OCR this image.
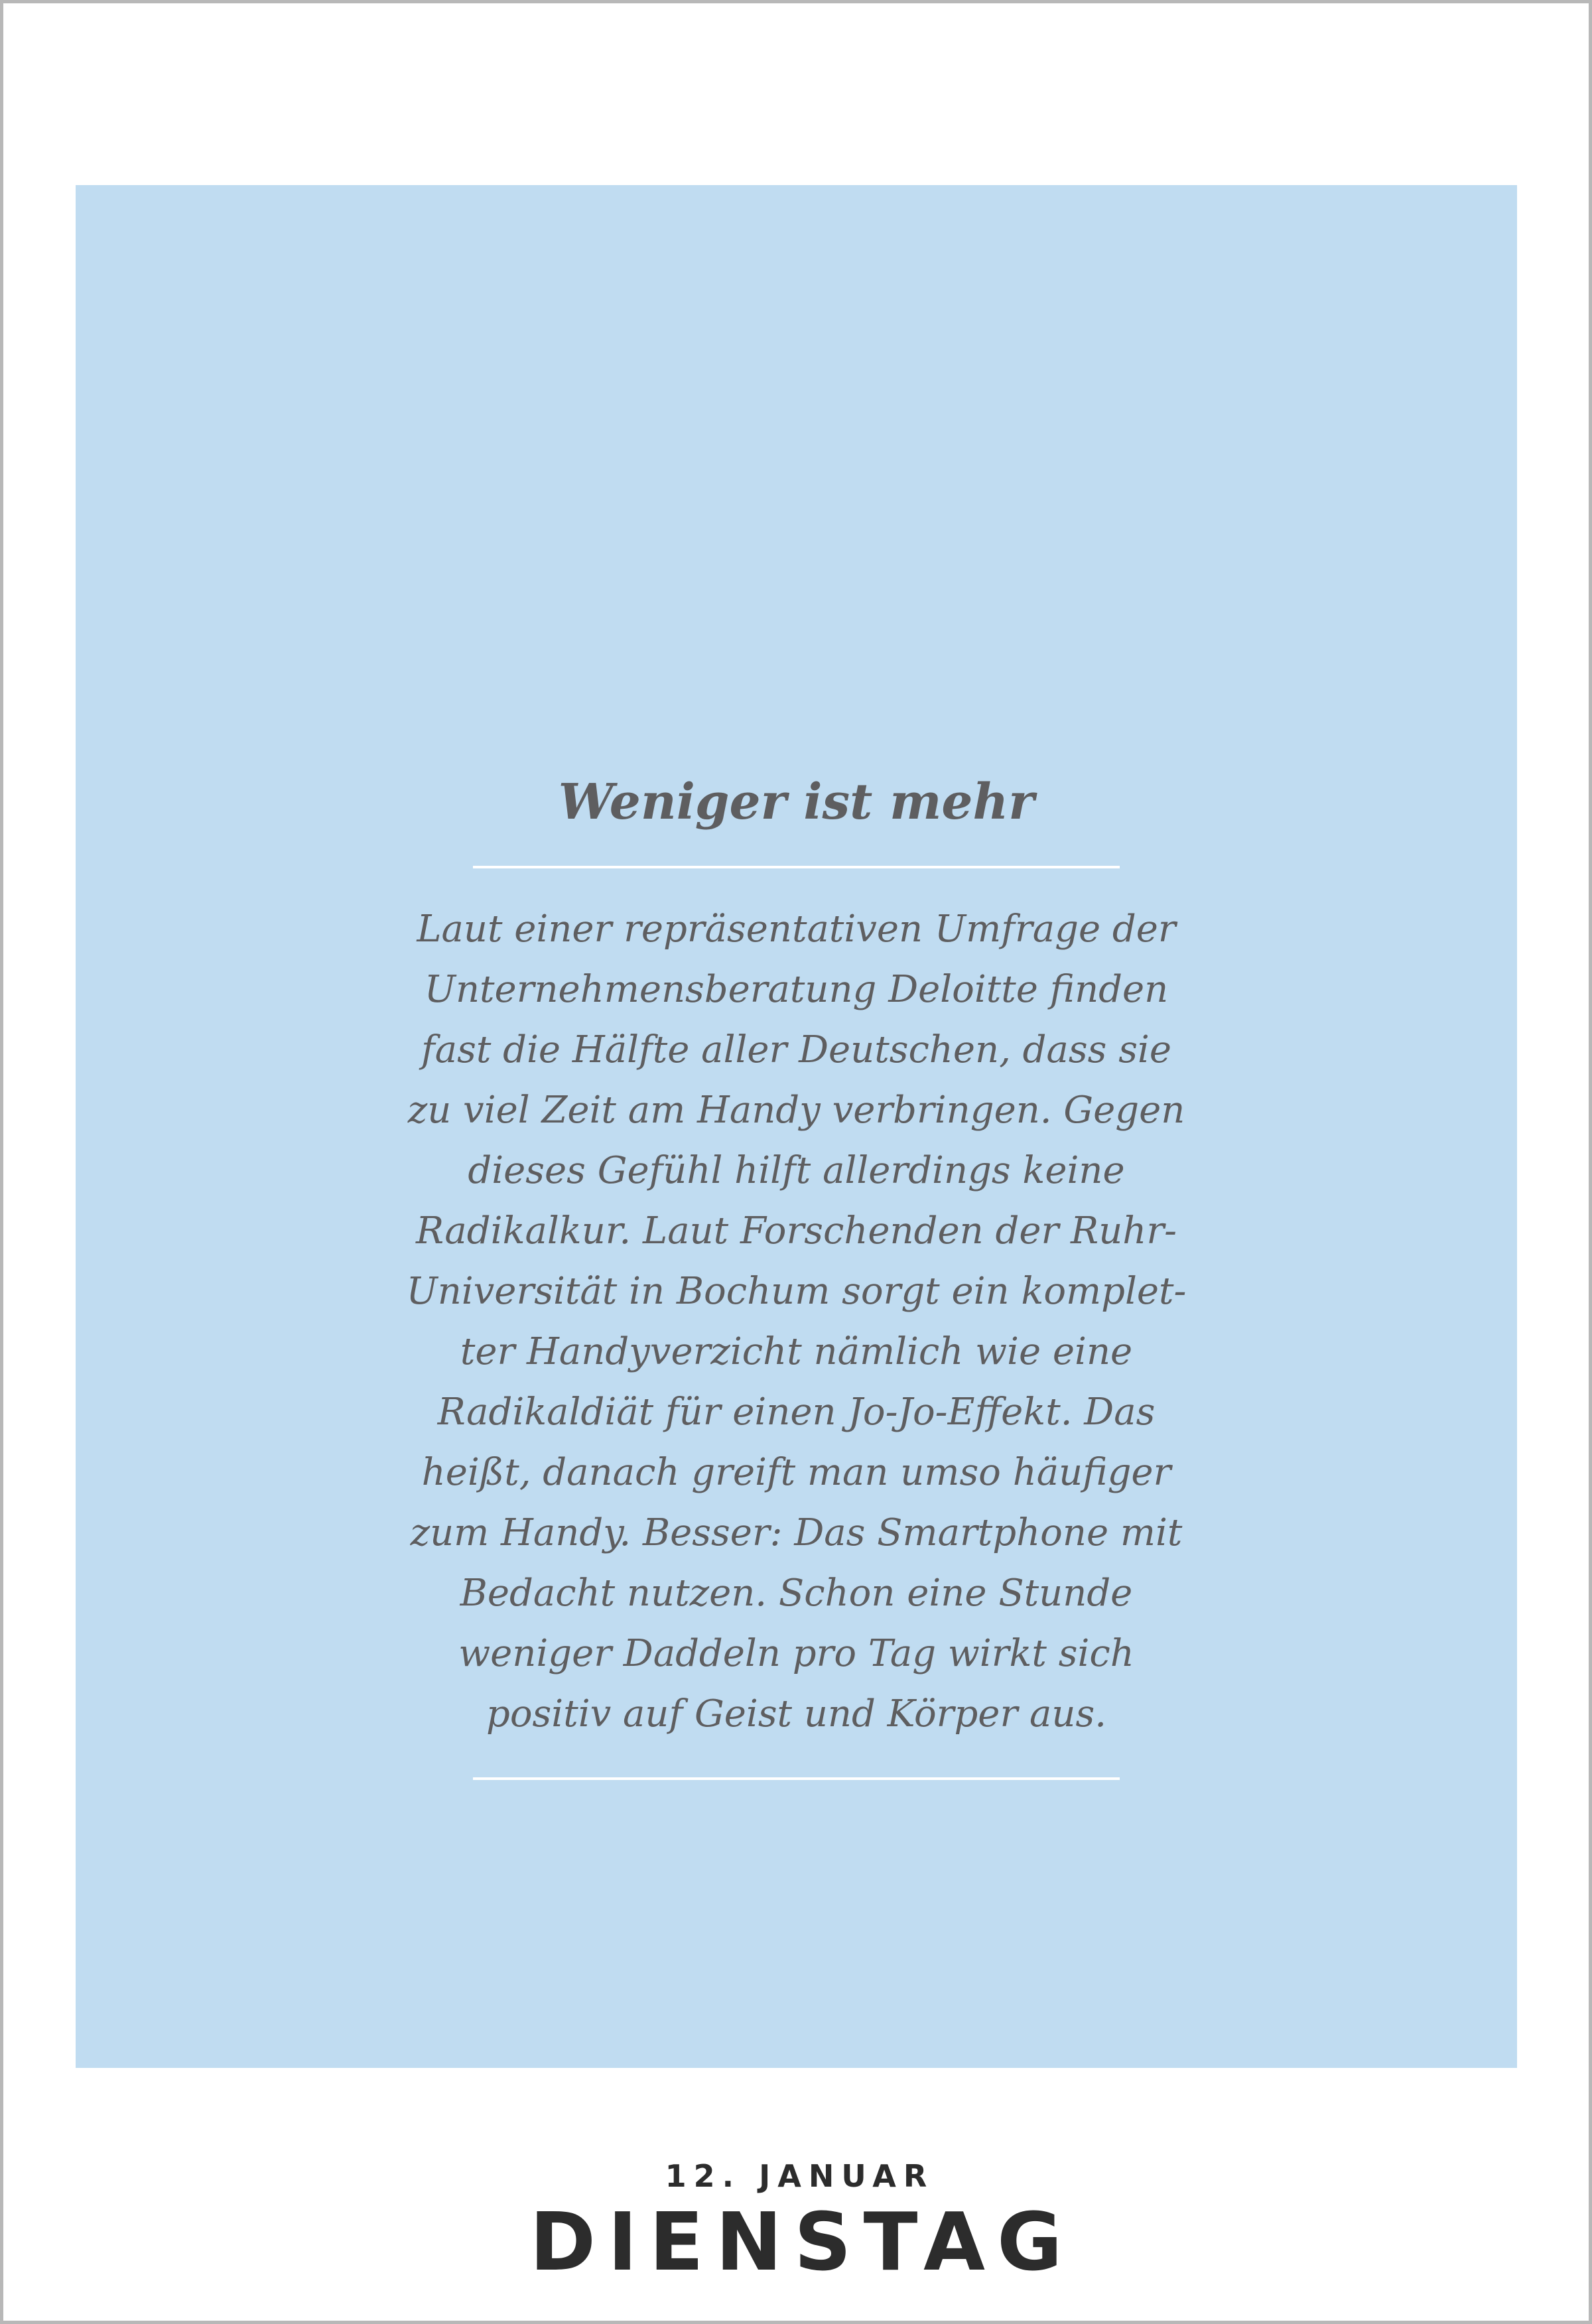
Weniger ist mehr
Laut einer repräsentativen Umfrage der
Unternehmensberatung Deloitte finden
fast die Hälfte aller Deutschen, dass sie
zu viel Zeit am Handy verbringen. Gegen
dieses Gefühl hilft allerdings keine
Radikalkur. Laut Forschenden der Ruhr-
Universität in Bochum sorgt ein komplet-
ter Handyverzicht nämlich wie eine
Radikaldiät für einen Jo-Jo-Effekt. Das
heißt, danach greift man umso häufiger
zum Handy. Besser: Das Smartphone mit
Bedacht nutzen. Schon eine Stunde
weniger Daddeln pro Tag wirkt sich
positiv auf Geist und Körper aus.
12. JANUAR
DIENSTAG
